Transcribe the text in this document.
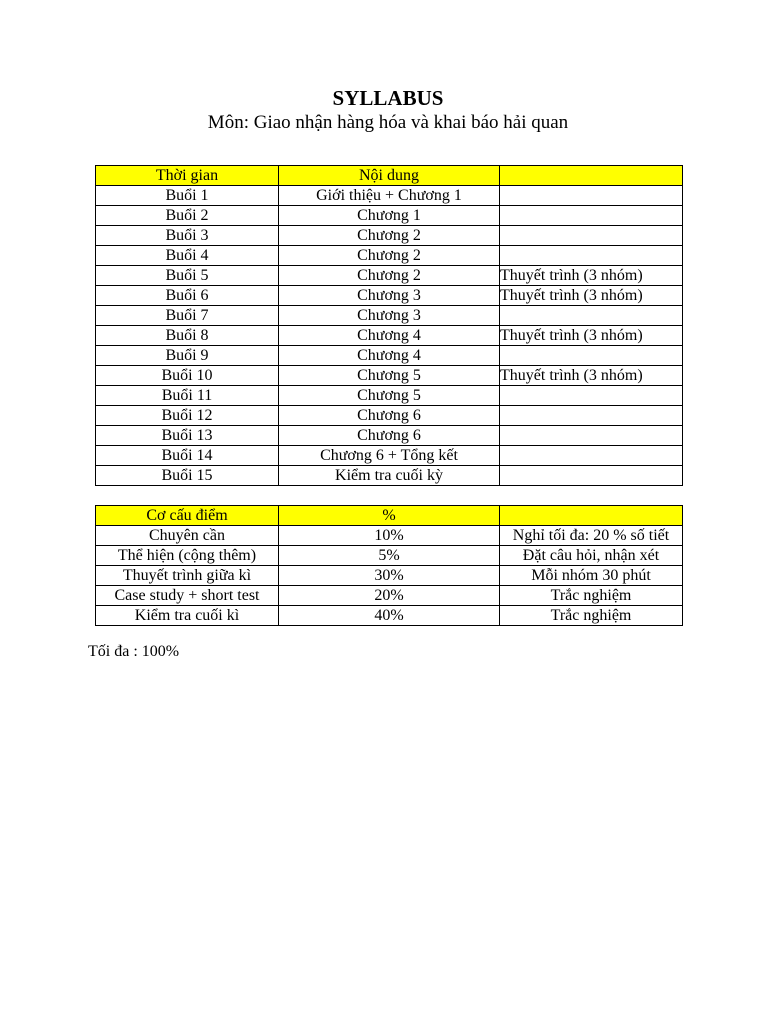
SYLLABUS
Môn: Giao nhận hàng hóa và khai báo hải quan
Thời gian	Nội dung	
Buổi 1	Giới thiệu + Chương 1	
Buổi 2	Chương 1	
Buổi 3	Chương 2	
Buổi 4	Chương 2	
Buổi 5	Chương 2	Thuyết trình (3 nhóm)
Buổi 6	Chương 3	Thuyết trình (3 nhóm)
Buổi 7	Chương 3	
Buổi 8	Chương 4	Thuyết trình (3 nhóm)
Buổi 9	Chương 4	
Buổi 10	Chương 5	Thuyết trình (3 nhóm)
Buổi 11	Chương 5	
Buổi 12	Chương 6	
Buổi 13	Chương 6	
Buổi 14	Chương 6 + Tổng kết	
Buổi 15	Kiểm tra cuối kỳ	
Cơ cấu điểm	%	
Chuyên cần	10%	Nghỉ tối đa: 20 % số tiết
Thể hiện (cộng thêm)	5%	Đặt câu hỏi, nhận xét
Thuyết trình giữa kì	30%	Mỗi nhóm 30 phút
Case study + short test	20%	Trắc nghiệm
Kiểm tra cuối kì	40%	Trắc nghiệm
Tối đa : 100%
